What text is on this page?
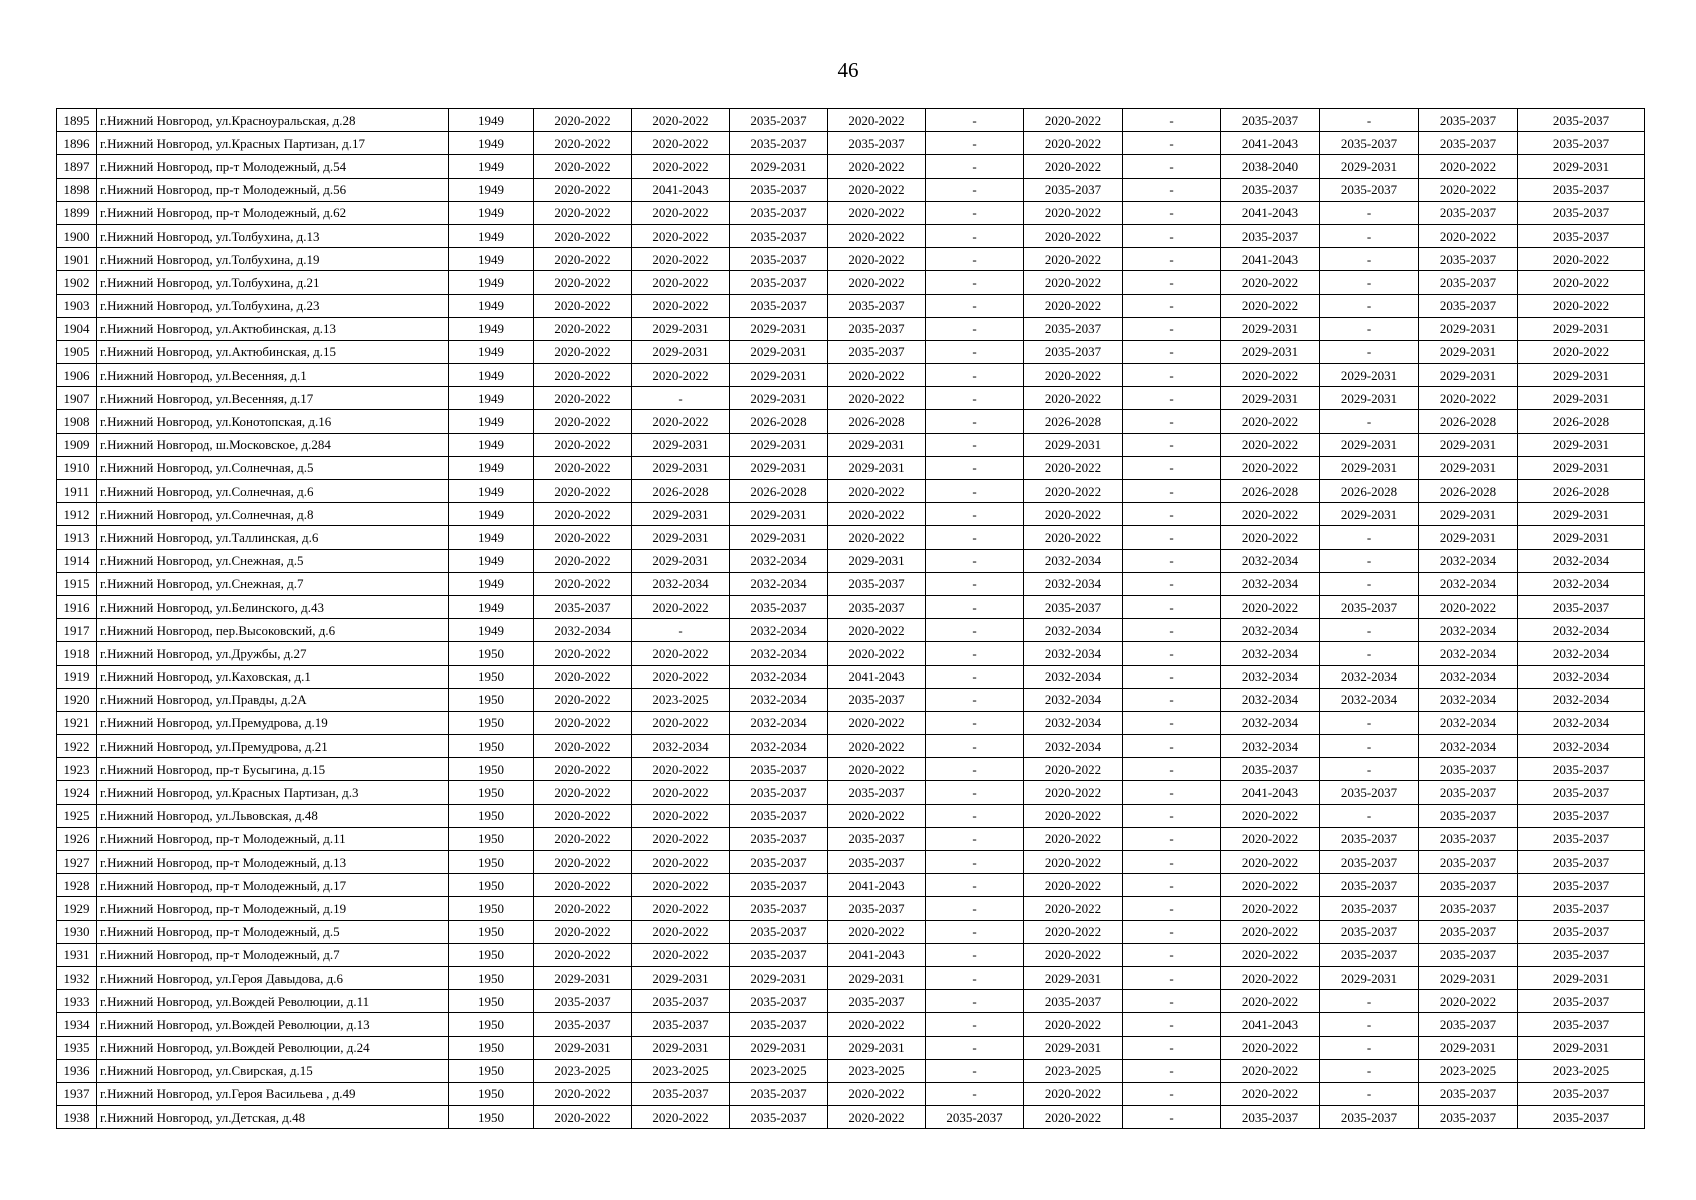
46
1895	г.Нижний Новгород, ул.Красноуральская, д.28	1949	2020-2022	2020-2022	2035-2037	2020-2022	-	2020-2022	-	2035-2037	-	2035-2037	2035-2037
1896	г.Нижний Новгород, ул.Красных Партизан, д.17	1949	2020-2022	2020-2022	2035-2037	2035-2037	-	2020-2022	-	2041-2043	2035-2037	2035-2037	2035-2037
1897	г.Нижний Новгород, пр-т Молодежный, д.54	1949	2020-2022	2020-2022	2029-2031	2020-2022	-	2020-2022	-	2038-2040	2029-2031	2020-2022	2029-2031
1898	г.Нижний Новгород, пр-т Молодежный, д.56	1949	2020-2022	2041-2043	2035-2037	2020-2022	-	2035-2037	-	2035-2037	2035-2037	2020-2022	2035-2037
1899	г.Нижний Новгород, пр-т Молодежный, д.62	1949	2020-2022	2020-2022	2035-2037	2020-2022	-	2020-2022	-	2041-2043	-	2035-2037	2035-2037
1900	г.Нижний Новгород, ул.Толбухина, д.13	1949	2020-2022	2020-2022	2035-2037	2020-2022	-	2020-2022	-	2035-2037	-	2020-2022	2035-2037
1901	г.Нижний Новгород, ул.Толбухина, д.19	1949	2020-2022	2020-2022	2035-2037	2020-2022	-	2020-2022	-	2041-2043	-	2035-2037	2020-2022
1902	г.Нижний Новгород, ул.Толбухина, д.21	1949	2020-2022	2020-2022	2035-2037	2020-2022	-	2020-2022	-	2020-2022	-	2035-2037	2020-2022
1903	г.Нижний Новгород, ул.Толбухина, д.23	1949	2020-2022	2020-2022	2035-2037	2035-2037	-	2020-2022	-	2020-2022	-	2035-2037	2020-2022
1904	г.Нижний Новгород, ул.Актюбинская, д.13	1949	2020-2022	2029-2031	2029-2031	2035-2037	-	2035-2037	-	2029-2031	-	2029-2031	2029-2031
1905	г.Нижний Новгород, ул.Актюбинская, д.15	1949	2020-2022	2029-2031	2029-2031	2035-2037	-	2035-2037	-	2029-2031	-	2029-2031	2020-2022
1906	г.Нижний Новгород, ул.Весенняя, д.1	1949	2020-2022	2020-2022	2029-2031	2020-2022	-	2020-2022	-	2020-2022	2029-2031	2029-2031	2029-2031
1907	г.Нижний Новгород, ул.Весенняя, д.17	1949	2020-2022	-	2029-2031	2020-2022	-	2020-2022	-	2029-2031	2029-2031	2020-2022	2029-2031
1908	г.Нижний Новгород, ул.Конотопская, д.16	1949	2020-2022	2020-2022	2026-2028	2026-2028	-	2026-2028	-	2020-2022	-	2026-2028	2026-2028
1909	г.Нижний Новгород, ш.Московское, д.284	1949	2020-2022	2029-2031	2029-2031	2029-2031	-	2029-2031	-	2020-2022	2029-2031	2029-2031	2029-2031
1910	г.Нижний Новгород, ул.Солнечная, д.5	1949	2020-2022	2029-2031	2029-2031	2029-2031	-	2020-2022	-	2020-2022	2029-2031	2029-2031	2029-2031
1911	г.Нижний Новгород, ул.Солнечная, д.6	1949	2020-2022	2026-2028	2026-2028	2020-2022	-	2020-2022	-	2026-2028	2026-2028	2026-2028	2026-2028
1912	г.Нижний Новгород, ул.Солнечная, д.8	1949	2020-2022	2029-2031	2029-2031	2020-2022	-	2020-2022	-	2020-2022	2029-2031	2029-2031	2029-2031
1913	г.Нижний Новгород, ул.Таллинская, д.6	1949	2020-2022	2029-2031	2029-2031	2020-2022	-	2020-2022	-	2020-2022	-	2029-2031	2029-2031
1914	г.Нижний Новгород, ул.Снежная, д.5	1949	2020-2022	2029-2031	2032-2034	2029-2031	-	2032-2034	-	2032-2034	-	2032-2034	2032-2034
1915	г.Нижний Новгород, ул.Снежная, д.7	1949	2020-2022	2032-2034	2032-2034	2035-2037	-	2032-2034	-	2032-2034	-	2032-2034	2032-2034
1916	г.Нижний Новгород, ул.Белинского, д.43	1949	2035-2037	2020-2022	2035-2037	2035-2037	-	2035-2037	-	2020-2022	2035-2037	2020-2022	2035-2037
1917	г.Нижний Новгород, пер.Высоковский, д.6	1949	2032-2034	-	2032-2034	2020-2022	-	2032-2034	-	2032-2034	-	2032-2034	2032-2034
1918	г.Нижний Новгород, ул.Дружбы, д.27	1950	2020-2022	2020-2022	2032-2034	2020-2022	-	2032-2034	-	2032-2034	-	2032-2034	2032-2034
1919	г.Нижний Новгород, ул.Каховская, д.1	1950	2020-2022	2020-2022	2032-2034	2041-2043	-	2032-2034	-	2032-2034	2032-2034	2032-2034	2032-2034
1920	г.Нижний Новгород, ул.Правды, д.2А	1950	2020-2022	2023-2025	2032-2034	2035-2037	-	2032-2034	-	2032-2034	2032-2034	2032-2034	2032-2034
1921	г.Нижний Новгород, ул.Премудрова, д.19	1950	2020-2022	2020-2022	2032-2034	2020-2022	-	2032-2034	-	2032-2034	-	2032-2034	2032-2034
1922	г.Нижний Новгород, ул.Премудрова, д.21	1950	2020-2022	2032-2034	2032-2034	2020-2022	-	2032-2034	-	2032-2034	-	2032-2034	2032-2034
1923	г.Нижний Новгород, пр-т Бусыгина, д.15	1950	2020-2022	2020-2022	2035-2037	2020-2022	-	2020-2022	-	2035-2037	-	2035-2037	2035-2037
1924	г.Нижний Новгород, ул.Красных Партизан, д.3	1950	2020-2022	2020-2022	2035-2037	2035-2037	-	2020-2022	-	2041-2043	2035-2037	2035-2037	2035-2037
1925	г.Нижний Новгород, ул.Львовская, д.48	1950	2020-2022	2020-2022	2035-2037	2020-2022	-	2020-2022	-	2020-2022	-	2035-2037	2035-2037
1926	г.Нижний Новгород, пр-т Молодежный, д.11	1950	2020-2022	2020-2022	2035-2037	2035-2037	-	2020-2022	-	2020-2022	2035-2037	2035-2037	2035-2037
1927	г.Нижний Новгород, пр-т Молодежный, д.13	1950	2020-2022	2020-2022	2035-2037	2035-2037	-	2020-2022	-	2020-2022	2035-2037	2035-2037	2035-2037
1928	г.Нижний Новгород, пр-т Молодежный, д.17	1950	2020-2022	2020-2022	2035-2037	2041-2043	-	2020-2022	-	2020-2022	2035-2037	2035-2037	2035-2037
1929	г.Нижний Новгород, пр-т Молодежный, д.19	1950	2020-2022	2020-2022	2035-2037	2035-2037	-	2020-2022	-	2020-2022	2035-2037	2035-2037	2035-2037
1930	г.Нижний Новгород, пр-т Молодежный, д.5	1950	2020-2022	2020-2022	2035-2037	2020-2022	-	2020-2022	-	2020-2022	2035-2037	2035-2037	2035-2037
1931	г.Нижний Новгород, пр-т Молодежный, д.7	1950	2020-2022	2020-2022	2035-2037	2041-2043	-	2020-2022	-	2020-2022	2035-2037	2035-2037	2035-2037
1932	г.Нижний Новгород, ул.Героя Давыдова, д.6	1950	2029-2031	2029-2031	2029-2031	2029-2031	-	2029-2031	-	2020-2022	2029-2031	2029-2031	2029-2031
1933	г.Нижний Новгород, ул.Вождей Революции, д.11	1950	2035-2037	2035-2037	2035-2037	2035-2037	-	2035-2037	-	2020-2022	-	2020-2022	2035-2037
1934	г.Нижний Новгород, ул.Вождей Революции, д.13	1950	2035-2037	2035-2037	2035-2037	2020-2022	-	2020-2022	-	2041-2043	-	2035-2037	2035-2037
1935	г.Нижний Новгород, ул.Вождей Революции, д.24	1950	2029-2031	2029-2031	2029-2031	2029-2031	-	2029-2031	-	2020-2022	-	2029-2031	2029-2031
1936	г.Нижний Новгород, ул.Свирская, д.15	1950	2023-2025	2023-2025	2023-2025	2023-2025	-	2023-2025	-	2020-2022	-	2023-2025	2023-2025
1937	г.Нижний Новгород, ул.Героя Васильева , д.49	1950	2020-2022	2035-2037	2035-2037	2020-2022	-	2020-2022	-	2020-2022	-	2035-2037	2035-2037
1938	г.Нижний Новгород, ул.Детская, д.48	1950	2020-2022	2020-2022	2035-2037	2020-2022	2035-2037	2020-2022	-	2035-2037	2035-2037	2035-2037	2035-2037
